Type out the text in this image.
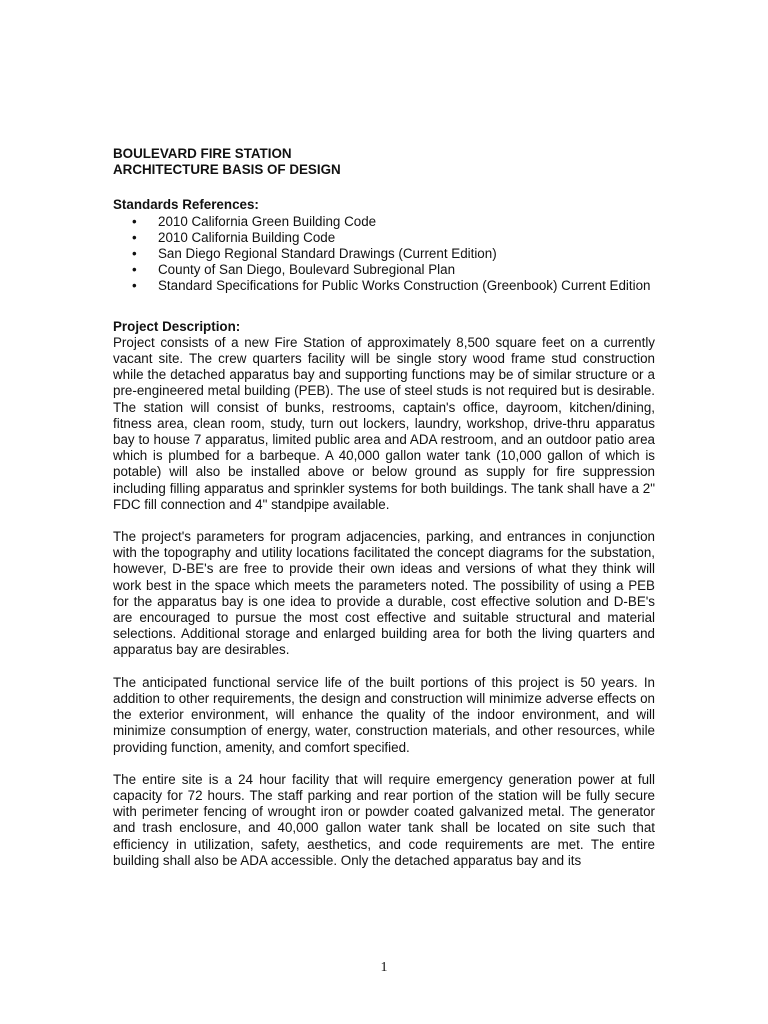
BOULEVARD FIRE STATION
ARCHITECTURE BASIS OF DESIGN
Standards References:
• 2010 California Green Building Code
• 2010 California Building Code
• San Diego Regional Standard Drawings (Current Edition)
• County of San Diego, Boulevard Subregional Plan
• Standard Specifications for Public Works Construction (Greenbook) Current Edition
Project Description:

Project consists of a new Fire Station of approximately 8,500 square feet on a currently vacant site. The crew quarters facility will be single story wood frame stud construction while the detached apparatus bay and supporting functions may be of similar structure or a pre-engineered metal building (PEB). The use of steel studs is not required but is desirable. The station will consist of bunks, restrooms, captain's office, dayroom, kitchen/dining, fitness area, clean room, study, turn out lockers, laundry, workshop, drive-thru apparatus bay to house 7 apparatus, limited public area and ADA restroom, and an outdoor patio area which is plumbed for a barbeque. A 40,000 gallon water tank (10,000 gallon of which is potable) will also be installed above or below ground as supply for fire suppression including filling apparatus and sprinkler systems for both buildings. The tank shall have a 2" FDC fill connection and 4" standpipe available.

The project's parameters for program adjacencies, parking, and entrances in conjunction with the topography and utility locations facilitated the concept diagrams for the substation, however, D-BE's are free to provide their own ideas and versions of what they think will work best in the space which meets the parameters noted. The possibility of using a PEB for the apparatus bay is one idea to provide a durable, cost effective solution and D-BE's are encouraged to pursue the most cost effective and suitable structural and material selections. Additional storage and enlarged building area for both the living quarters and apparatus bay are desirables.

The anticipated functional service life of the built portions of this project is 50 years. In addition to other requirements, the design and construction will minimize adverse effects on the exterior environment, will enhance the quality of the indoor environment, and will minimize consumption of energy, water, construction materials, and other resources, while providing function, amenity, and comfort specified.

The entire site is a 24 hour facility that will require emergency generation power at full capacity for 72 hours. The staff parking and rear portion of the station will be fully secure with perimeter fencing of wrought iron or powder coated galvanized metal. The generator and trash enclosure, and 40,000 gallon water tank shall be located on site such that efficiency in utilization, safety, aesthetics, and code requirements are met. The entire building shall also be ADA accessible. Only the detached apparatus bay and its

1
